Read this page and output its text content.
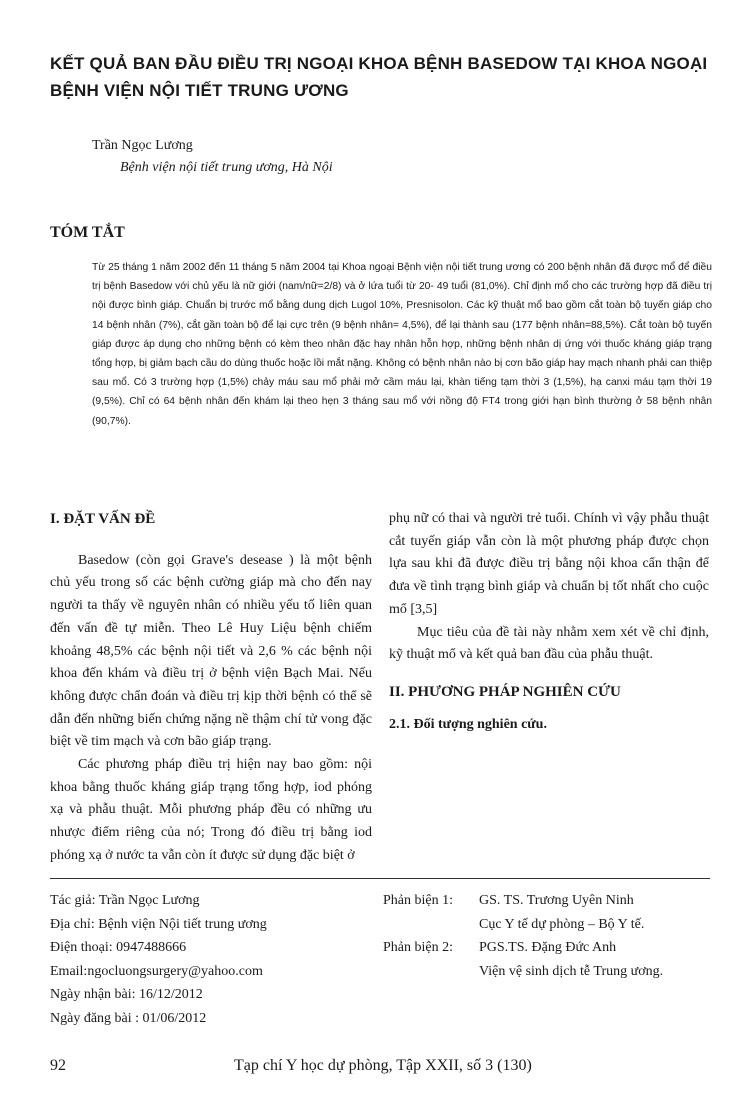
KẾT QUẢ BAN ĐẦU ĐIỀU TRỊ NGOẠI KHOA BỆNH BASEDOW TẠI KHOA NGOẠI BỆNH VIỆN NỘI TIẾT TRUNG ƯƠNG

Trần Ngọc Lương

Bệnh viện nội tiết trung ương, Hà Nội

TÓM TẮT

Từ 25 tháng 1 năm 2002 đến 11 tháng 5 năm 2004 tại Khoa ngoại Bệnh viện nội tiết trung ương có 200 bệnh nhân đã được mổ để điều trị bệnh Basedow với chủ yếu là nữ giới (nam/nữ=2/8) và ở lứa tuổi từ 20- 49 tuổi (81,0%). Chỉ định mổ cho các trường hợp đã điều trị nội được bình giáp. Chuẩn bị trước mổ bằng dung dịch Lugol 10%, Presnisolon. Các kỹ thuật mổ bao gồm cắt toàn bộ tuyến giáp cho 14 bệnh nhân (7%), cắt gần toàn bộ để lại cực trên (9 bệnh nhân= 4,5%), để lại thành sau (177 bệnh nhân=88,5%). Cắt toàn bộ tuyến giáp được áp dụng cho những bệnh có kèm theo nhân đặc hay nhân hỗn hợp, những bệnh nhân dị ứng với thuốc kháng giáp trạng tổng hợp, bị giảm bạch cầu do dùng thuốc hoặc lồi mắt nặng. Không có bệnh nhân nào bị cơn bão giáp hay mạch nhanh phải can thiệp sau mổ. Có 3 trường hợp (1,5%) chảy máu sau mổ phải mở cầm máu lại, khàn tiếng tạm thời 3 (1,5%), hạ canxi máu tạm thời 19 (9,5%). Chỉ có 64 bệnh nhân đến khám lại theo hẹn 3 tháng sau mổ với nồng độ FT4 trong giới hạn bình thường ở 58 bệnh nhân (90,7%).

I. ĐẶT VẤN ĐỀ

Basedow (còn gọi Grave's desease ) là một bệnh chủ yếu trong số các bệnh cường giáp mà cho đến nay người ta thấy về nguyên nhân có nhiều yếu tố liên quan đến vấn đề tự miễn. Theo Lê Huy Liệu bệnh chiếm khoảng 48,5% các bệnh nội tiết và 2,6 % các bệnh nội khoa đến khám và điều trị ở bệnh viện Bạch Mai. Nếu không được chẩn đoán và điều trị kịp thời bệnh có thể sẽ dẫn đến những biến chứng nặng nề thậm chí tử vong đặc biệt về tim mạch và cơn bão giáp trạng.

Các phương pháp điều trị hiện nay bao gồm: nội khoa bằng thuốc kháng giáp trạng tổng hợp, iod phóng xạ và phẫu thuật. Mỗi phương pháp đều có những ưu nhược điểm riêng của nó; Trong đó điều trị bằng iod phóng xạ ở nước ta vẫn còn ít được sử dụng đặc biệt ở

phụ nữ có thai và người trẻ tuổi. Chính vì vậy phẫu thuật cắt tuyến giáp vẫn còn là một phương pháp được chọn lựa sau khi đã được điều trị bằng nội khoa cẩn thận để đưa về tình trạng bình giáp và chuẩn bị tốt nhất cho cuộc mổ [3,5]

Mục tiêu của đề tài này nhằm xem xét về chỉ định, kỹ thuật mổ và kết quả ban đầu của phẫu thuật.

II. PHƯƠNG PHÁP NGHIÊN CỨU

2.1. Đối tượng nghiên cứu.

Tác giả: Trần Ngọc Lương
Địa chỉ: Bệnh viện Nội tiết trung ương
Điện thoại: 0947488666
Email:ngocluongsurgery@yahoo.com
Ngày nhận bài: 16/12/2012
Ngày đăng bài : 01/06/2012
Phản biện 1:	GS. TS. Trương Uyên Ninh
Cục Y tế dự phòng – Bộ Y tế.
Phản biện 2:	PGS.TS. Đặng Đức Anh
Viện vệ sinh dịch tễ Trung ương.

92	Tạp chí Y học dự phòng, Tập XXII, số 3 (130)
